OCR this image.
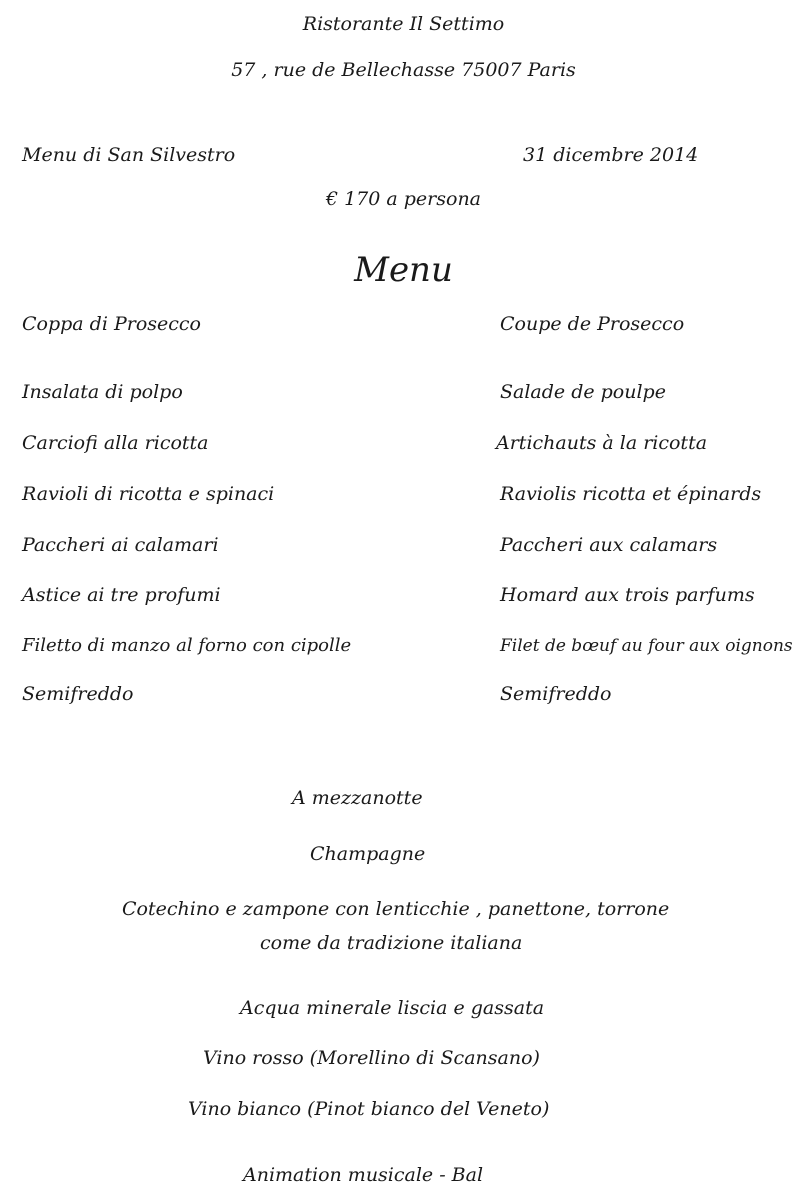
Ristorante Il Settimo
57 , rue de Bellechasse 75007 Paris
Menu di San Silvestro	31 dicembre 2014
€ 170 a persona
Menu
Coppa di Prosecco	Coupe de Prosecco
Insalata di polpo	Salade de poulpe
Carciofi alla ricotta	Artichauts à la ricotta
Ravioli di ricotta e spinaci	Raviolis ricotta et épinards
Paccheri ai calamari	Paccheri aux calamars
Astice ai tre profumi	Homard aux trois parfums
Filetto di manzo al forno con cipolle	Filet de bœuf au four aux oignons
Semifreddo	Semifreddo
A mezzanotte
Champagne
Cotechino e zampone con lenticchie , panettone, torrone
come da tradizione italiana
Acqua minerale liscia e gassata
Vino rosso (Morellino di Scansano)
Vino bianco (Pinot bianco del Veneto)
Animation musicale - Bal
